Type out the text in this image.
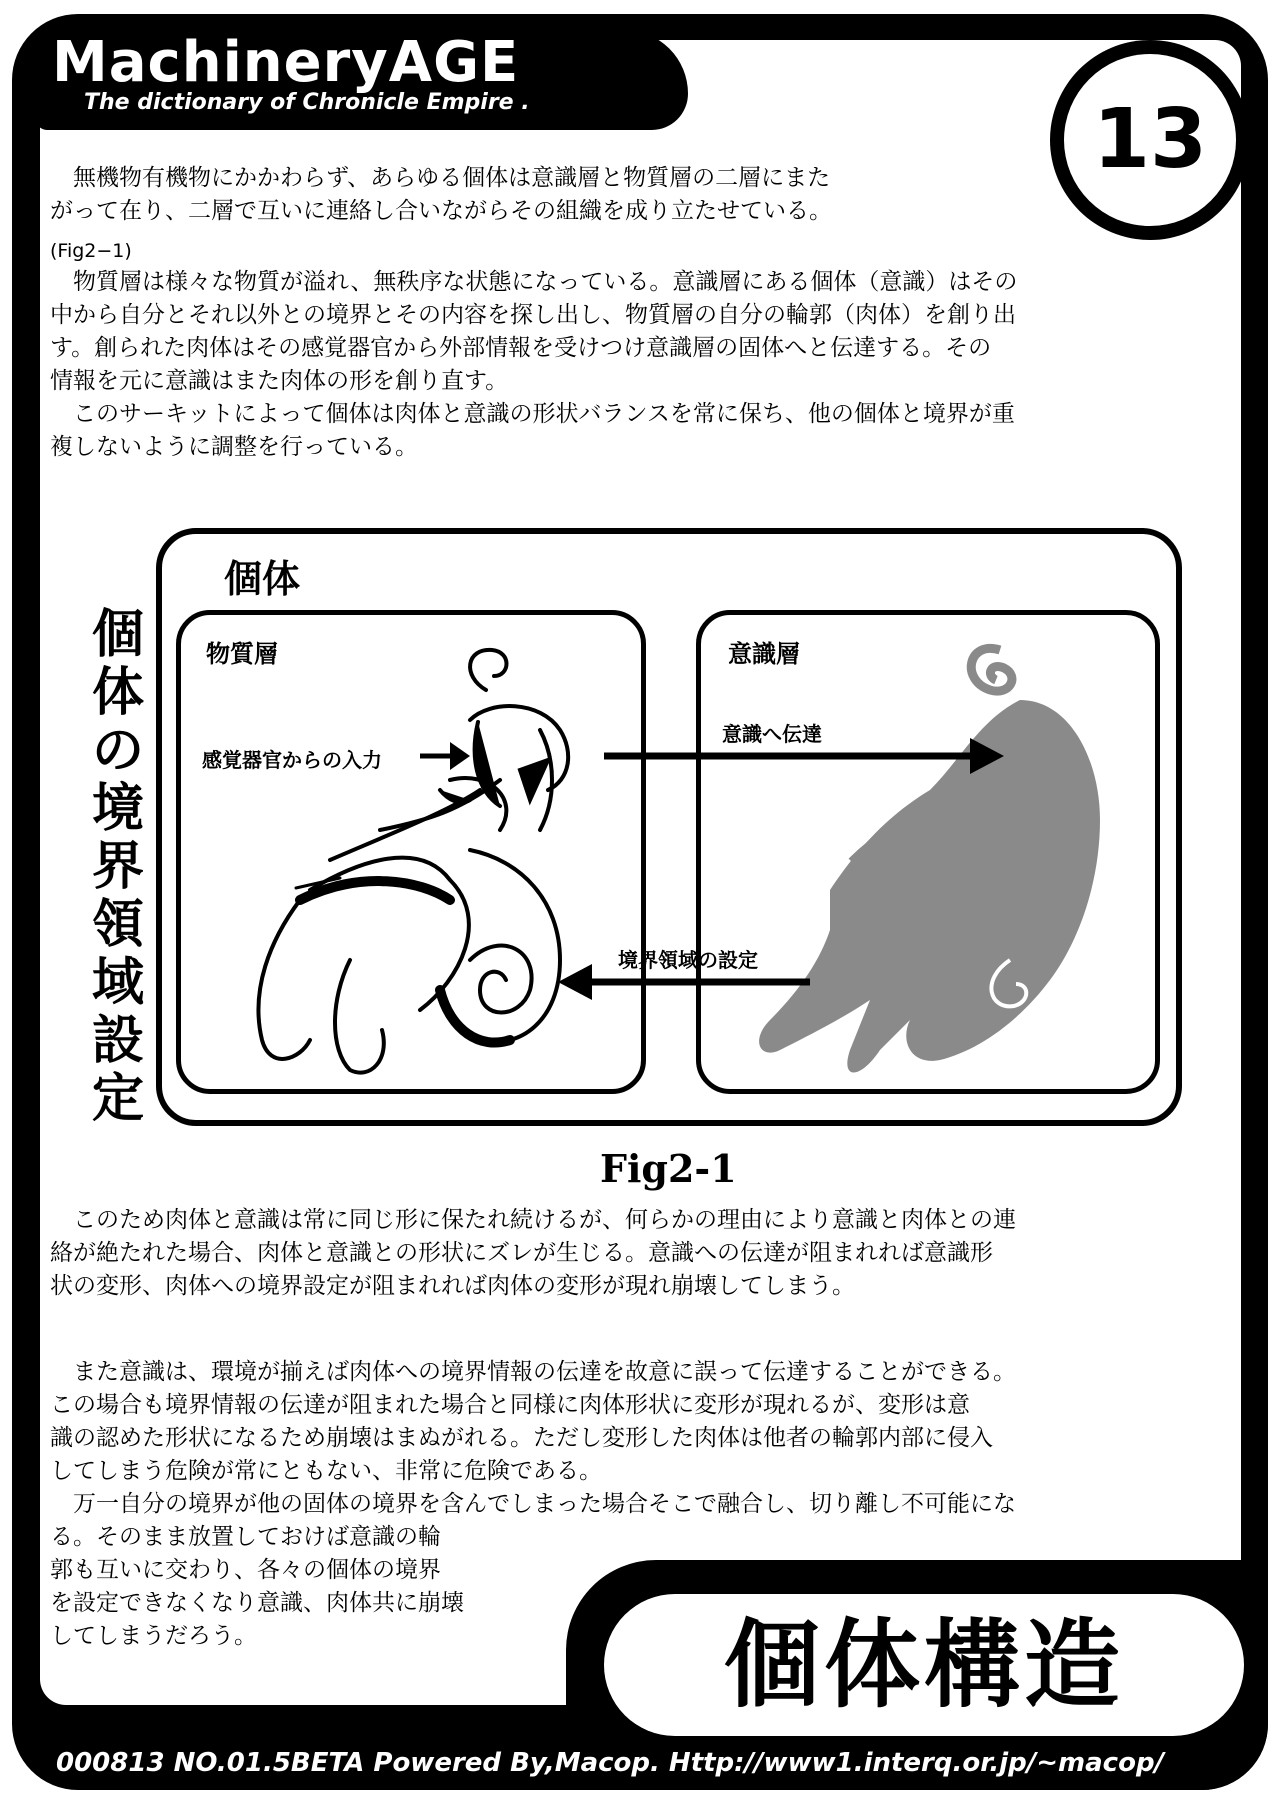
MachineryAGE
The dictionary of Chronicle Empire .	13

　無機物有機物にかかわらず、あらゆる個体は意識層と物質層の二層にまた
がって在り、二層で互いに連絡し合いながらその組織を成り立たせている。

(Fig2−1)

　物質層は様々な物質が溢れ、無秩序な状態になっている。意識層にある個体（意識）はその
中から自分とそれ以外との境界とその内容を探し出し、物質層の自分の輪郭（肉体）を創り出
す。創られた肉体はその感覚器官から外部情報を受けつけ意識層の固体へと伝達する。その
情報を元に意識はまた肉体の形を創り直す。
　このサーキットによって個体は肉体と意識の形状バランスを常に保ち、他の個体と境界が重
複しないように調整を行っている。

個体
物質層	意識層
感覚器官からの入力
意識へ伝達
境界領域の設定
個体の境界領域設定
Fig2-1

　このため肉体と意識は常に同じ形に保たれ続けるが、何らかの理由により意識と肉体との連
絡が絶たれた場合、肉体と意識との形状にズレが生じる。意識への伝達が阻まれれば意識形
状の変形、肉体への境界設定が阻まれれば肉体の変形が現れ崩壊してしまう。

　また意識は、環境が揃えば肉体への境界情報の伝達を故意に誤って伝達することができる。
この場合も境界情報の伝達が阻まれた場合と同様に肉体形状に変形が現れるが、変形は意
識の認めた形状になるため崩壊はまぬがれる。ただし変形した肉体は他者の輪郭内部に侵入
してしまう危険が常にともない、非常に危険である。
　万一自分の境界が他の固体の境界を含んでしまった場合そこで融合し、切り離し不可能にな

る。そのまま放置しておけば意識の輪
郭も互いに交わり、各々の個体の境界
を設定できなくなり意識、肉体共に崩壊
してしまうだろう。	個体構造
000813 NO.01.5BETA Powered By,Macop. Http://www1.interq.or.jp/~macop/
